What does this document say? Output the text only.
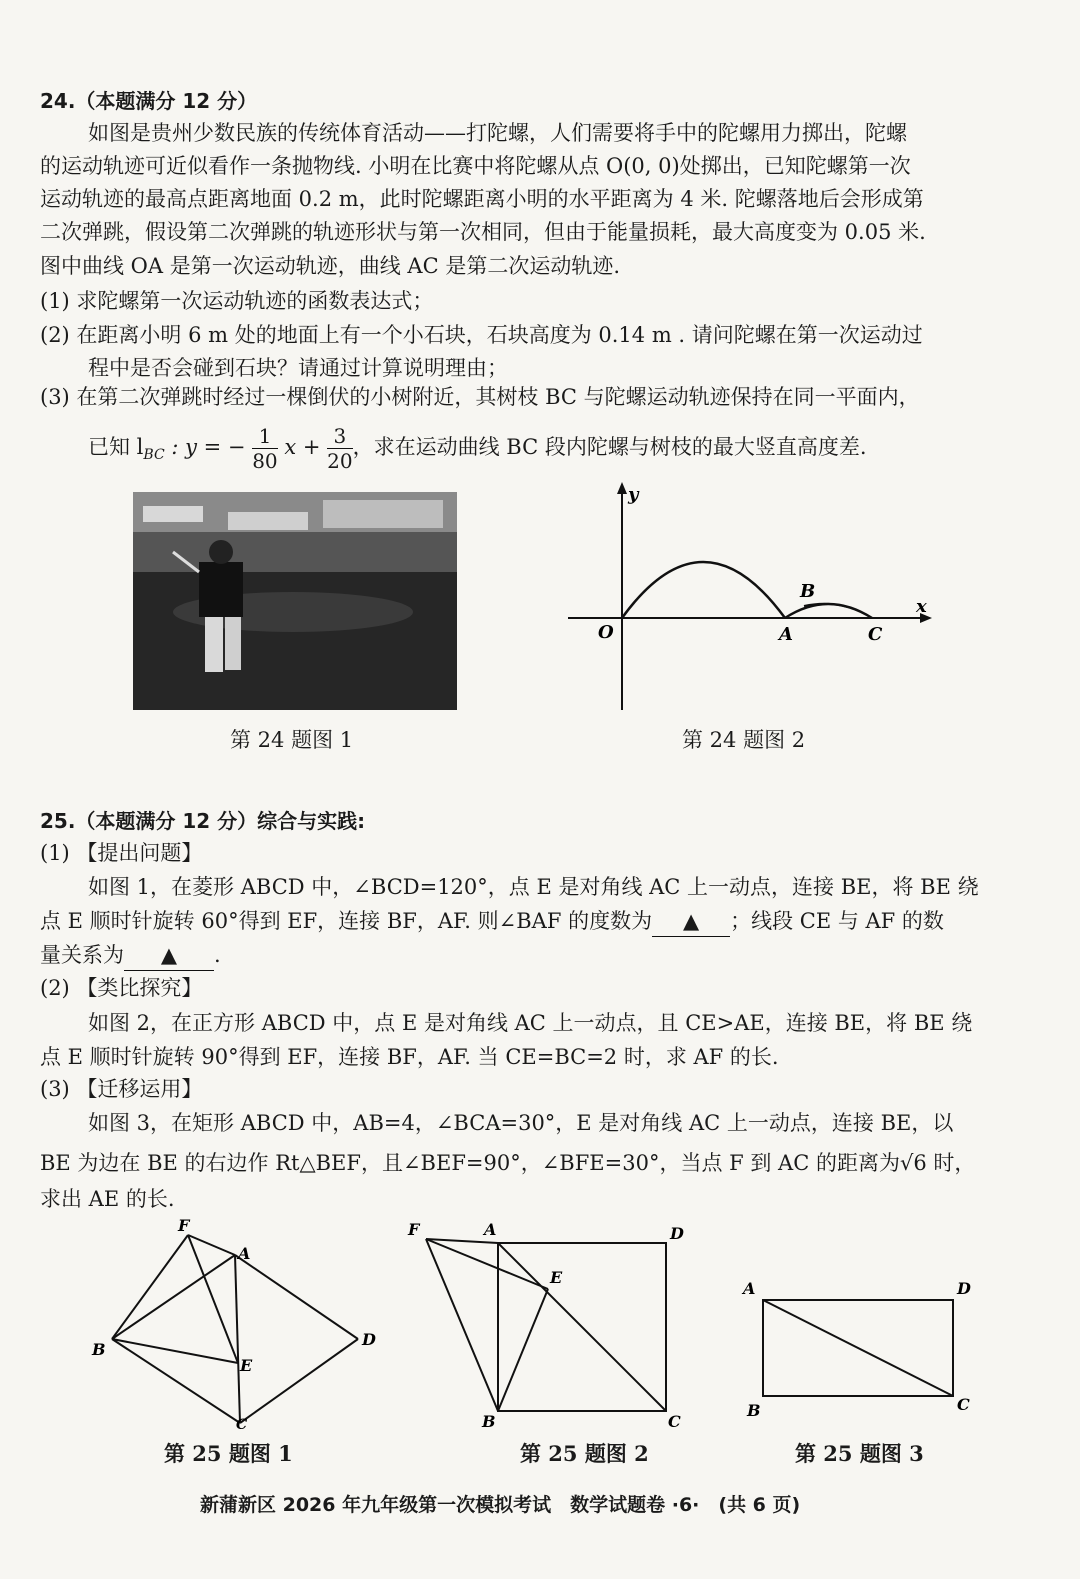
24.（本题满分 12 分）
如图是贵州少数民族的传统体育活动——打陀螺，人们需要将手中的陀螺用力掷出，陀螺
的运动轨迹可近似看作一条抛物线. 小明在比赛中将陀螺从点 O(0, 0)处掷出，已知陀螺第一次
运动轨迹的最高点距离地面 0.2 m，此时陀螺距离小明的水平距离为 4 米. 陀螺落地后会形成第
二次弹跳，假设第二次弹跳的轨迹形状与第一次相同，但由于能量损耗，最大高度变为 0.05 米.
图中曲线 OA 是第一次运动轨迹，曲线 AC 是第二次运动轨迹.
(1) 求陀螺第一次运动轨迹的函数表达式；
(2) 在距离小明 6 m 处的地面上有一个小石块，石块高度为 0.14 m . 请问陀螺在第一次运动过
程中是否会碰到石块？请通过计算说明理由；
(3) 在第二次弹跳时经过一棵倒伏的小树附近，其树枝 BC 与陀螺运动轨迹保持在同一平面内，
已知 $l_{BC}$ : y = − $\frac{1}{80}$ $x + \frac{3}{20}$ ，求在运动曲线 BC 段内陀螺与树枝的最大竖直高度差.
y
x
O	A
B
C
第 24 题图 1	第 24 题图 2
25.（本题满分 12 分）综合与实践:
(1) 【提出问题】
如图 1，在菱形 ABCD 中，∠BCD=120°，点 E 是对角线 AC 上一动点，连接 BE，将 BE 绕
点 E 顺时针旋转 60°得到 EF，连接 BF，AF. 则∠BAF 的度数为 ▲ ；线段 CE 与 AF 的数
量关系为 ▲ .
(2) 【类比探究】
如图 2，在正方形 ABCD 中，点 E 是对角线 AC 上一动点，且 CE>AE，连接 BE，将 BE 绕
点 E 顺时针旋转 90°得到 EF，连接 BF，AF. 当 CE=BC=2 时，求 AF 的长.
(3) 【迁移运用】
如图 3，在矩形 ABCD 中，AB=4，∠BCA=30°，E 是对角线 AC 上一动点，连接 BE，以
BE 为边在 BE 的右边作 Rt△BEF，且∠BEF=90°，∠BFE=30°，当点 F 到 AC 的距离为√6 时，
求出 AE 的长.
F
A
B
D
E
C
F	A	D
E
B	C
A	D
B	C
第 25 题图 1	第 25 题图 2	第 25 题图 3
新蒲新区 2026 年九年级第一次模拟考试　数学试题卷 ·6·　(共 6 页)
